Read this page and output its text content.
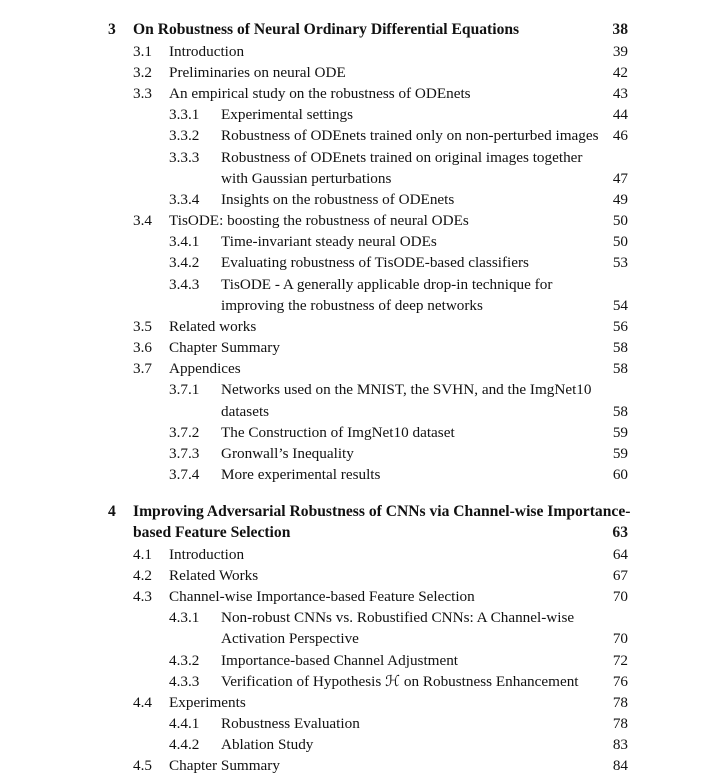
3 On Robustness of Neural Ordinary Differential Equations	38
3.1 Introduction	39
3.2 Preliminaries on neural ODE	42
3.3 An empirical study on the robustness of ODEnets	43
3.3.1 Experimental settings	44
3.3.2 Robustness of ODEnets trained only on non-perturbed images 46
3.3.3 Robustness of ODEnets trained on original images together
with Gaussian perturbations	47
3.3.4 Insights on the robustness of ODEnets	49
3.4 TisODE: boosting the robustness of neural ODEs	50
3.4.1 Time-invariant steady neural ODEs	50
3.4.2 Evaluating robustness of TisODE-based classifiers	53
3.4.3 TisODE - A generally applicable drop-in technique for
improving the robustness of deep networks	54
3.5 Related works	56
3.6 Chapter Summary	58
3.7 Appendices	58
3.7.1 Networks used on the MNIST, the SVHN, and the ImgNet10
datasets	58
3.7.2 The Construction of ImgNet10 dataset	59
3.7.3 Gronwall’s Inequality	59
3.7.4 More experimental results	60
4 Improving Adversarial Robustness of CNNs via Channel-wise Importance-
based Feature Selection	63
4.1 Introduction	64
4.2 Related Works	67
4.3 Channel-wise Importance-based Feature Selection	70
4.3.1 Non-robust CNNs vs. Robustified CNNs: A Channel-wise
Activation Perspective	70
4.3.2 Importance-based Channel Adjustment	72
4.3.3 Verification of Hypothesis ℋ on Robustness Enhancement 76
4.4 Experiments	78
4.4.1 Robustness Evaluation	78
4.4.2 Ablation Study	83
4.5 Chapter Summary	84
